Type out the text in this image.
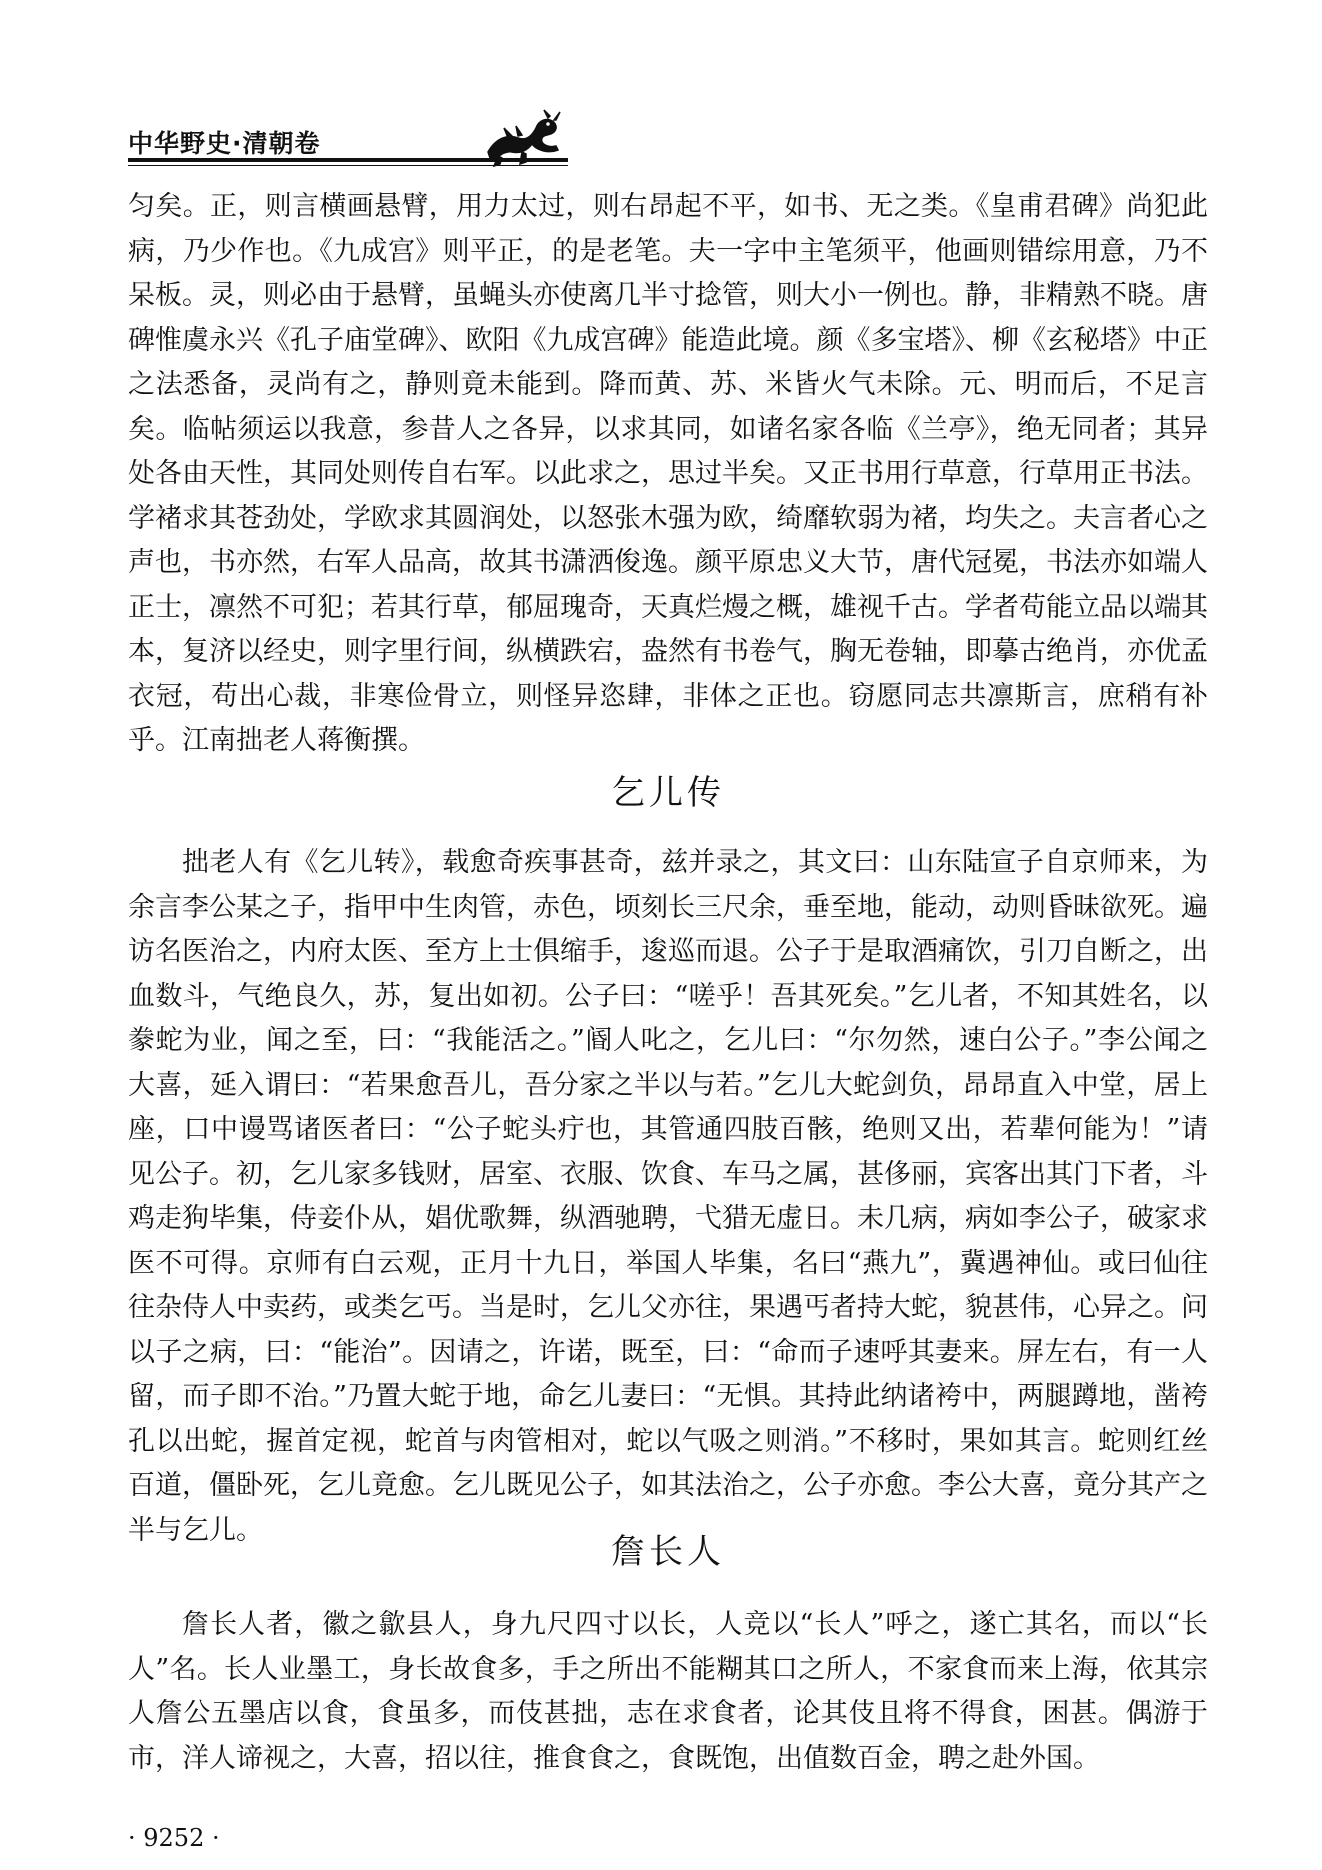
中华野史·清朝卷
匀矣。正，则言横画悬臂，用力太过，则右昂起不平，如书、无之类。《皇甫君碑》尚犯此病，乃少作也。《九成宫》则平正，的是老笔。夫一字中主笔须平，他画则错综用意，乃不呆板。灵，则必由于悬臂，虽蝇头亦使离几半寸捻管，则大小一例也。静，非精熟不晓。唐碑惟虞永兴《孔子庙堂碑》、欧阳《九成宫碑》能造此境。颜《多宝塔》、柳《玄秘塔》中正之法悉备，灵尚有之，静则竟未能到。降而黄、苏、米皆火气未除。元、明而后，不足言矣。临帖须运以我意，参昔人之各异，以求其同，如诸名家各临《兰亭》，绝无同者；其异处各由天性，其同处则传自右军。以此求之，思过半矣。又正书用行草意，行草用正书法。学褚求其苍劲处，学欧求其圆润处，以怒张木强为欧，绮靡软弱为褚，均失之。夫言者心之声也，书亦然，右军人品高，故其书潇洒俊逸。颜平原忠义大节，唐代冠冕，书法亦如端人正士，凛然不可犯；若其行草，郁屈瑰奇，天真烂熳之概，雄视千古。学者苟能立品以端其本，复济以经史，则字里行间，纵横跌宕，盎然有书卷气，胸无卷轴，即摹古绝肖，亦优孟衣冠，苟出心裁，非寒俭骨立，则怪异恣肆，非体之正也。窃愿同志共凛斯言，庶稍有补乎。江南拙老人蒋衡撰。
乞儿传
拙老人有《乞儿转》，载愈奇疾事甚奇，兹并录之，其文曰：山东陆宣子自京师来，为余言李公某之子，指甲中生肉管，赤色，顷刻长三尺余，垂至地，能动，动则昏昧欲死。遍访名医治之，内府太医、至方上士俱缩手，逡巡而退。公子于是取酒痛饮，引刀自断之，出血数斗，气绝良久，苏，复出如初。公子曰：“嗟乎！吾其死矣。”乞儿者，不知其姓名，以豢蛇为业，闻之至，曰：“我能活之。”阍人叱之，乞儿曰：“尔勿然，速白公子。”李公闻之大喜，延入谓曰：“若果愈吾儿，吾分家之半以与若。”乞儿大蛇剑负，昂昂直入中堂，居上座，口中谩骂诸医者曰：“公子蛇头疔也，其管通四肢百骸，绝则又出，若辈何能为！”请见公子。初，乞儿家多钱财，居室、衣服、饮食、车马之属，甚侈丽，宾客出其门下者，斗鸡走狗毕集，侍妾仆从，娼优歌舞，纵酒驰聘，弋猎无虚日。未几病，病如李公子，破家求医不可得。京师有白云观，正月十九日，举国人毕集，名曰“燕九”，冀遇神仙。或曰仙往往杂侍人中卖药，或类乞丐。当是时，乞儿父亦往，果遇丐者持大蛇，貌甚伟，心异之。问以子之病，曰：“能治”。因请之，许诺，既至，曰：“命而子速呼其妻来。屏左右，有一人留，而子即不治。”乃置大蛇于地，命乞儿妻曰：“无惧。其持此纳诸袴中，两腿蹲地，凿袴孔以出蛇，握首定视，蛇首与肉管相对，蛇以气吸之则消。”不移时，果如其言。蛇则红丝百道，僵卧死，乞儿竟愈。乞儿既见公子，如其法治之，公子亦愈。李公大喜，竟分其产之半与乞儿。
詹长人
詹长人者，徽之歙县人，身九尺四寸以长，人竞以“长人”呼之，遂亡其名，而以“长人”名。长人业墨工，身长故食多，手之所出不能糊其口之所人，不家食而来上海，依其宗人詹公五墨店以食，食虽多，而伎甚拙，志在求食者，论其伎且将不得食，困甚。偶游于市，洋人谛视之，大喜，招以往，推食食之，食既饱，出值数百金，聘之赴外国。
· 9252 ·
